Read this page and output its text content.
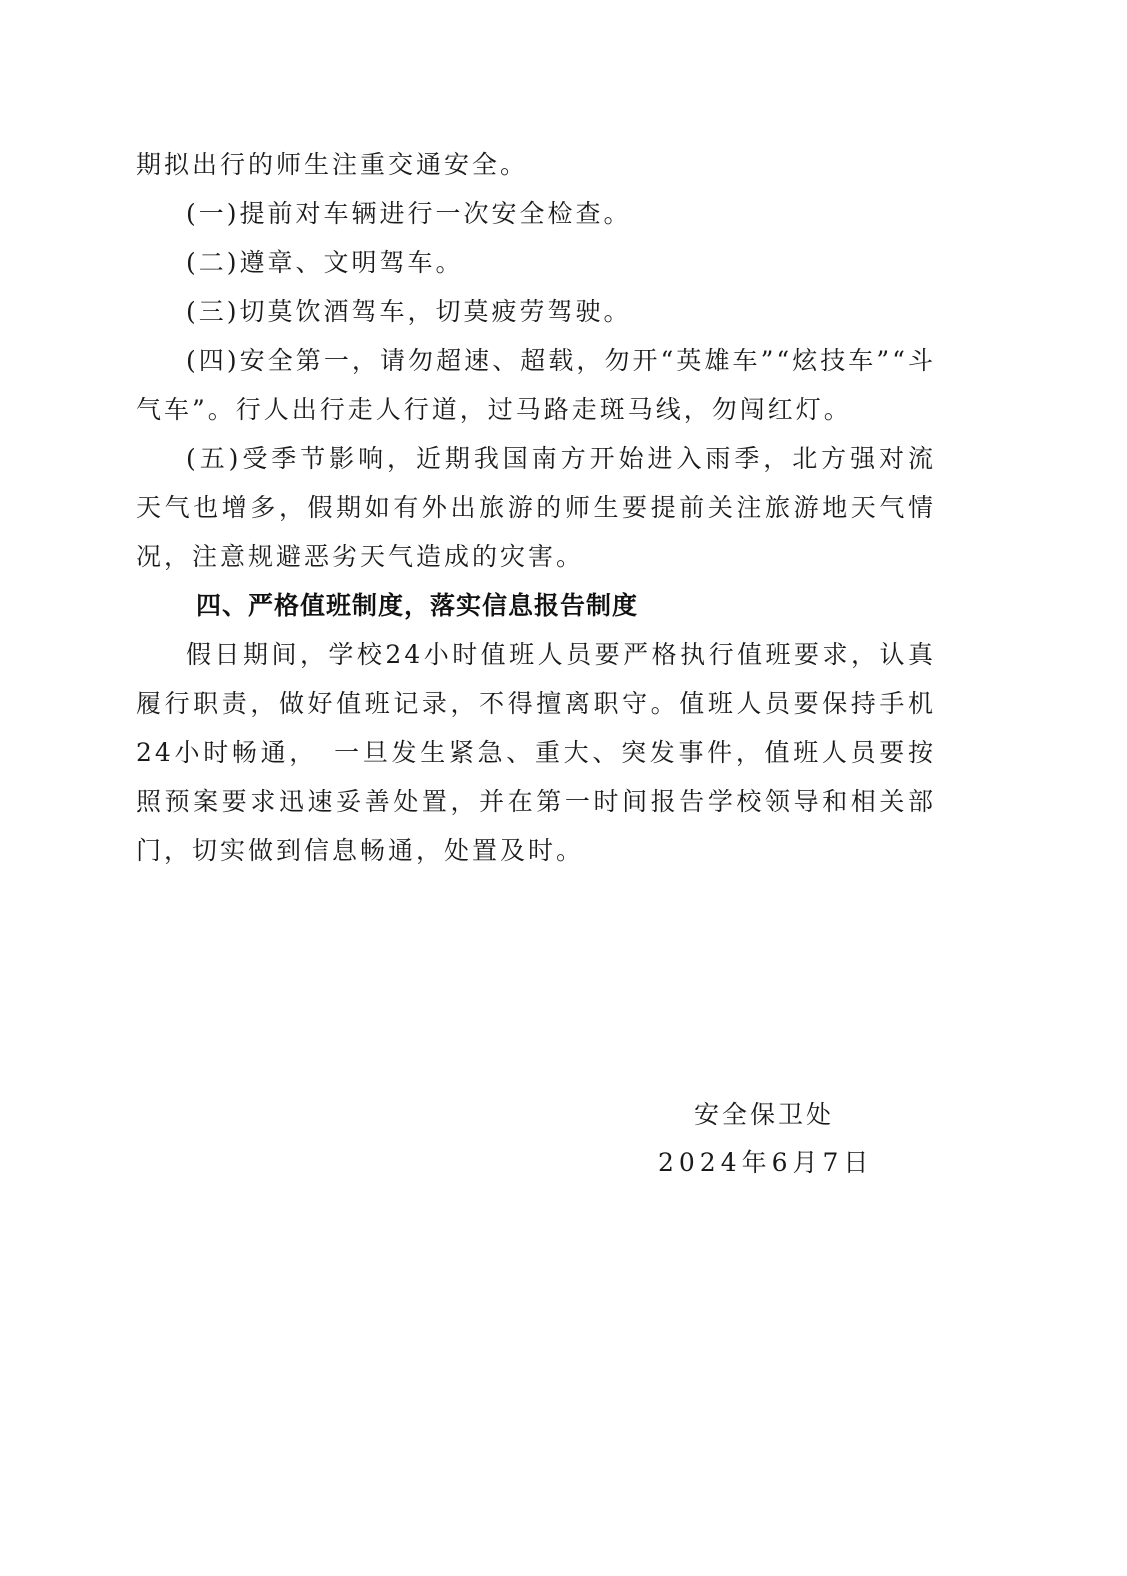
期拟出行的师生注重交通安全。

(一)提前对车辆进行一次安全检查。

(二)遵章、文明驾车。

(三)切莫饮酒驾车，切莫疲劳驾驶。

(四)安全第一，请勿超速、超载，勿开“英雄车”“炫技车”“斗气车”。行人出行走人行道，过马路走斑马线，勿闯红灯。

(五)受季节影响，近期我国南方开始进入雨季，北方强对流天气也增多，假期如有外出旅游的师生要提前关注旅游地天气情况，注意规避恶劣天气造成的灾害。

四、严格值班制度，落实信息报告制度

假日期间，学校24小时值班人员要严格执行值班要求，认真履行职责，做好值班记录，不得擅离职守。值班人员要保持手机24小时畅通，　一旦发生紧急、重大、突发事件，值班人员要按照预案要求迅速妥善处置，并在第一时间报告学校领导和相关部门，切实做到信息畅通，处置及时。

安全保卫处
2024年6月7日
